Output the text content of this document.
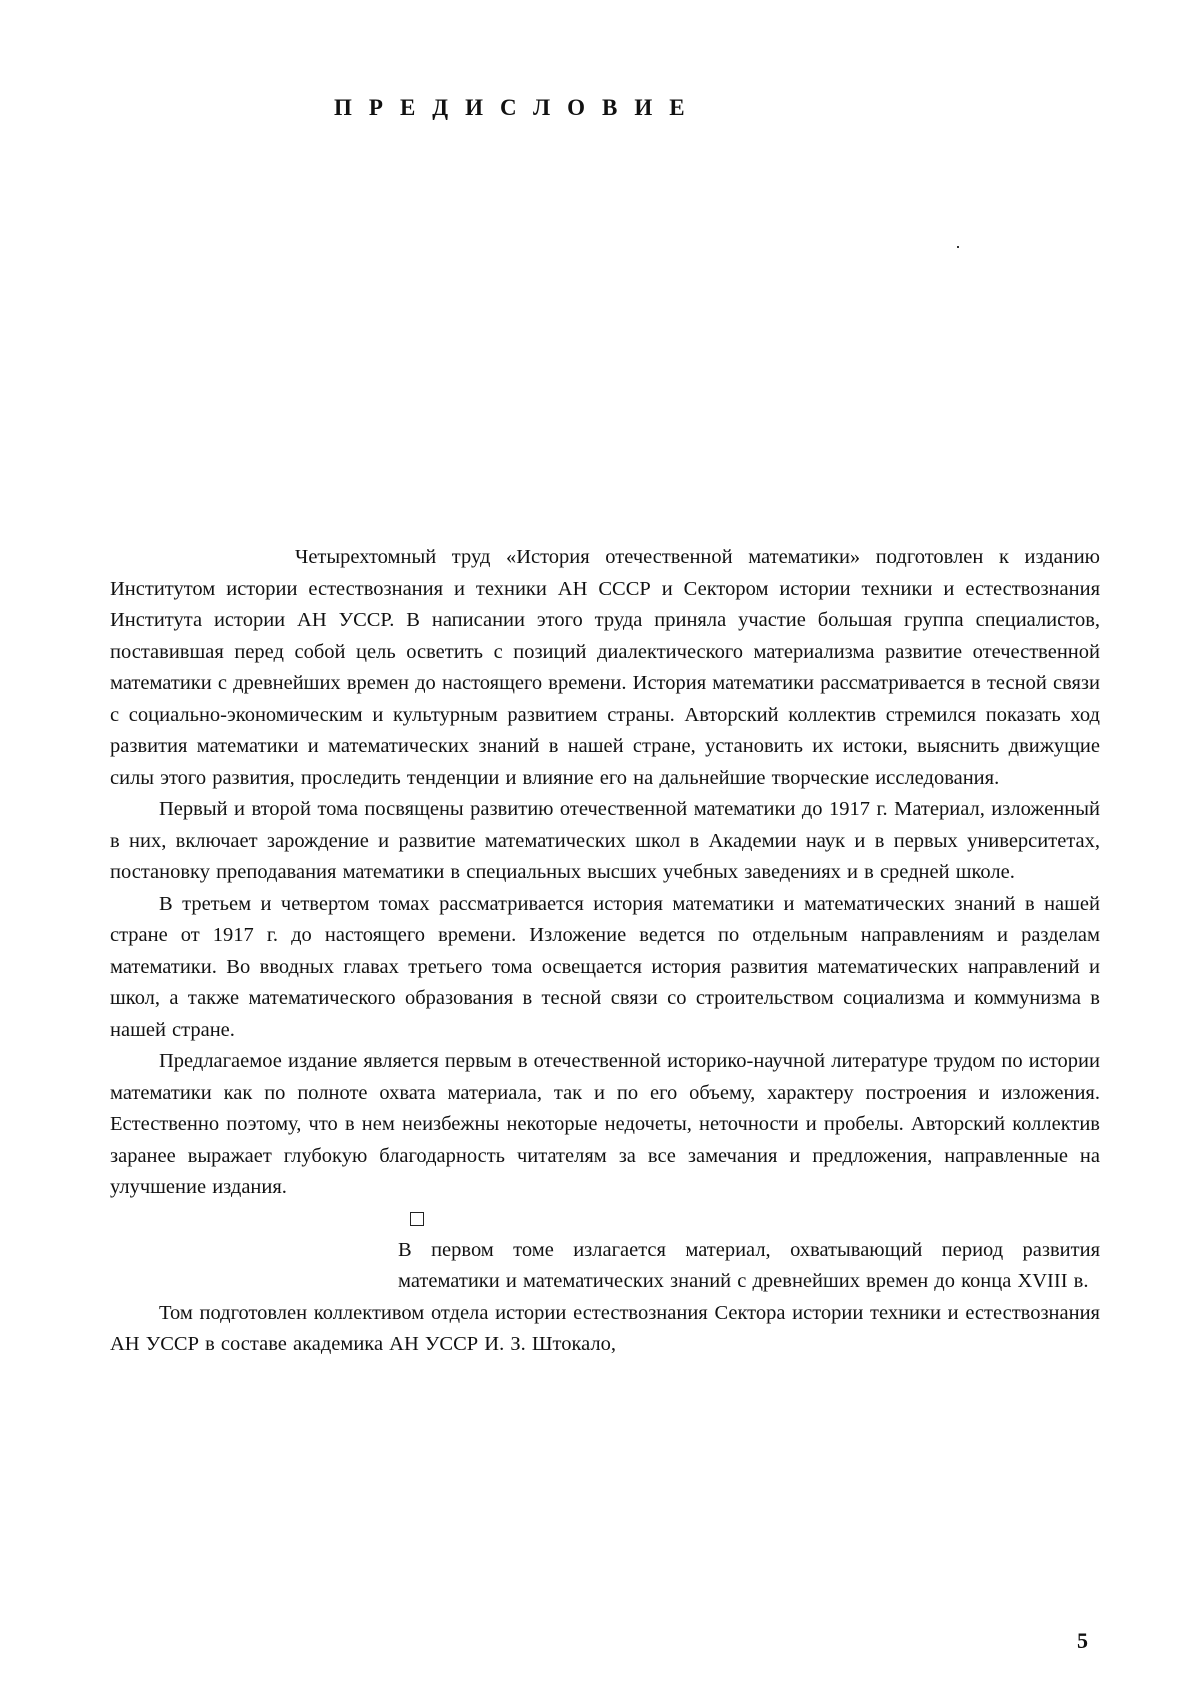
ПРЕДИСЛОВИЕ

Четырехтомный труд «История отечественной математики» подготовлен к изданию Институтом истории естествознания и техники АН СССР и Сектором истории техники и естествознания Института истории АН УССР. В написании этого труда приняла участие большая группа специалистов, поставившая перед собой цель осветить с позиций диалектического материализма развитие отечественной математики с древнейших времен до настоящего времени. История математики рассматривается в тесной связи с социально-экономическим и культурным развитием страны. Авторский коллектив стремился показать ход развития математики и математических знаний в нашей стране, установить их истоки, выяснить движущие силы этого развития, проследить тенденции и влияние его на дальнейшие творческие исследования.

Первый и второй тома посвящены развитию отечественной математики до 1917 г. Материал, изложенный в них, включает зарождение и развитие математических школ в Академии наук и в первых университетах, постановку преподавания математики в специальных высших учебных заведениях и в средней школе.

В третьем и четвертом томах рассматривается история математики и математических знаний в нашей стране от 1917 г. до настоящего времени. Изложение ведется по отдельным направлениям и разделам математики. Во вводных главах третьего тома освещается история развития математических направлений и школ, а также математического образования в тесной связи со строительством социализма и коммунизма в нашей стране.

Предлагаемое издание является первым в отечественной историко-научной литературе трудом по истории математики как по полноте охвата материала, так и по его объему, характеру построения и изложения. Естественно поэтому, что в нем неизбежны некоторые недочеты, неточности и пробелы. Авторский коллектив заранее выражает глубокую благодарность читателям за все замечания и предложения, направленные на улучшение издания.

В первом томе излагается материал, охватывающий период развития математики и математических знаний с древнейших времен до конца XVIII в.

Том подготовлен коллективом отдела истории естествознания Сектора истории техники и естествознания АН УССР в составе академика АН УССР И. З. Штокало,

5
